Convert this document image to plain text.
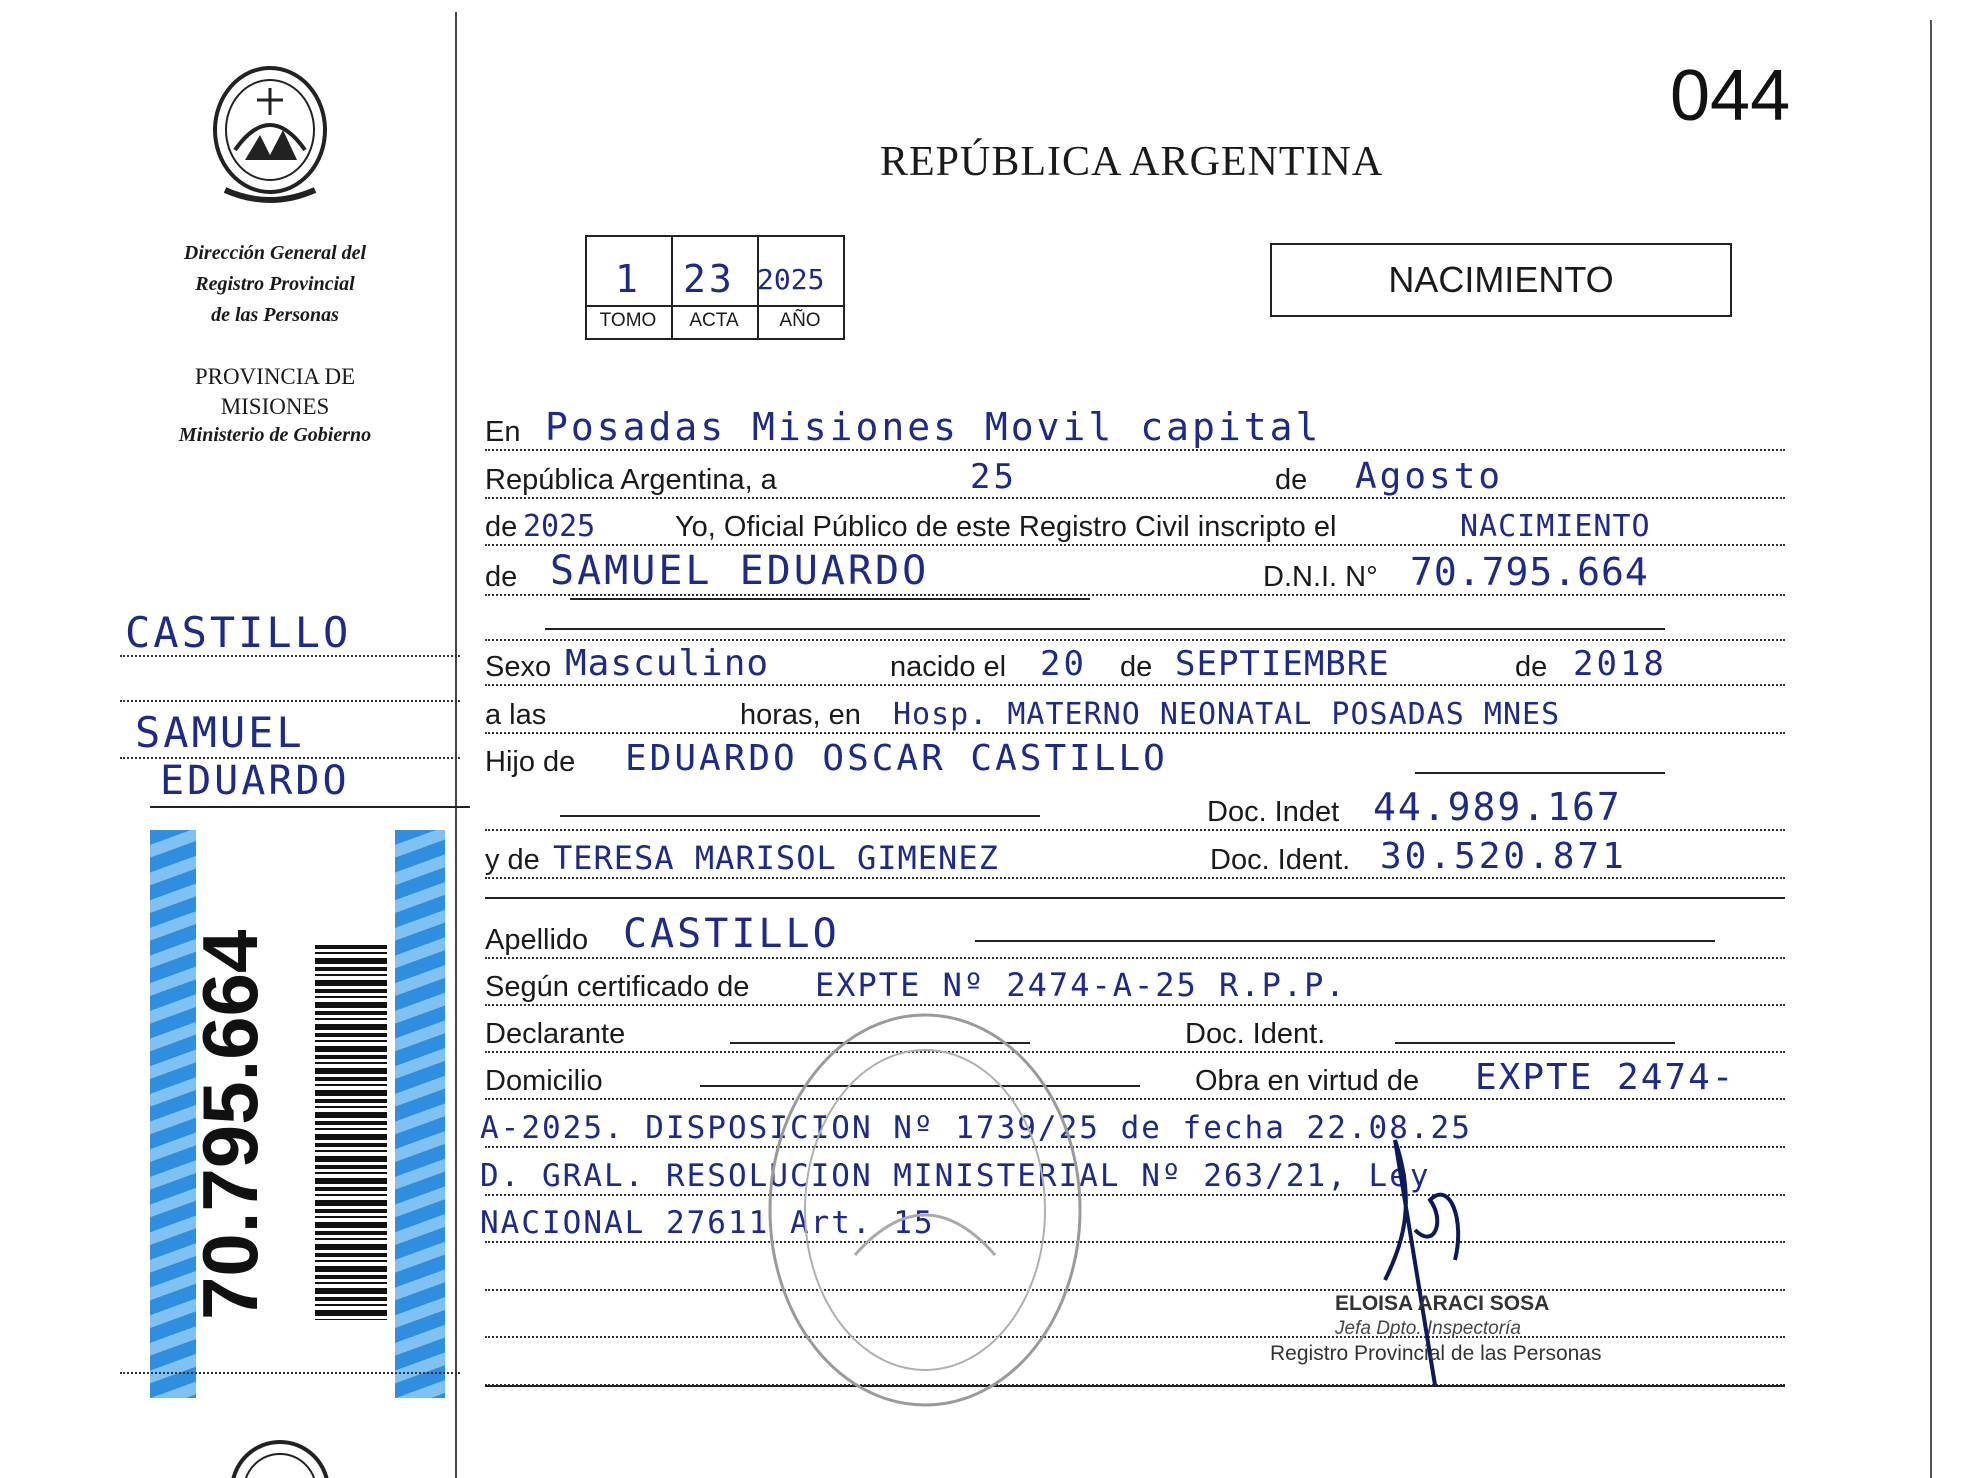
Dirección General del
Registro Provincial
de las Personas
PROVINCIA DE
MISIONES
Ministerio de Gobierno
CASTILLO
SAMUEL
EDUARDO
70.795.664
044
REPÚBLICA ARGENTINA
1 23 2025
TOMO	ACTA	AÑO
NACIMIENTO
En Posadas Misiones Movil capital
República Argentina, a	25	de Agosto
de 2025	Yo, Oficial Público de este Registro Civil inscripto el	NACIMIENTO
de SAMUEL EDUARDO	D.N.I. N° 70.795.664
Sexo Masculino	nacido el 20 de SEPTIEMBRE	de 2018
a las	horas, en Hosp. MATERNO NEONATAL POSADAS MNES
Hijo de EDUARDO OSCAR CASTILLO
Doc. Indet 44.989.167
y de TERESA MARISOL GIMENEZ	Doc. Ident. 30.520.871
Apellido CASTILLO
Según certificado de EXPTE Nº 2474-A-25 R.P.P.
Declarante	Doc. Ident.
Domicilio	Obra en virtud de EXPTE 2474-
A-2025. DISPOSICION Nº 1739/25 de fecha 22.08.25
D. GRAL. RESOLUCION MINISTERIAL Nº 263/21, Ley
NACIONAL 27611 Art. 15
ELOISA ARACI SOSA
Jefa Dpto. Inspectoría
Registro Provincial de las Personas
